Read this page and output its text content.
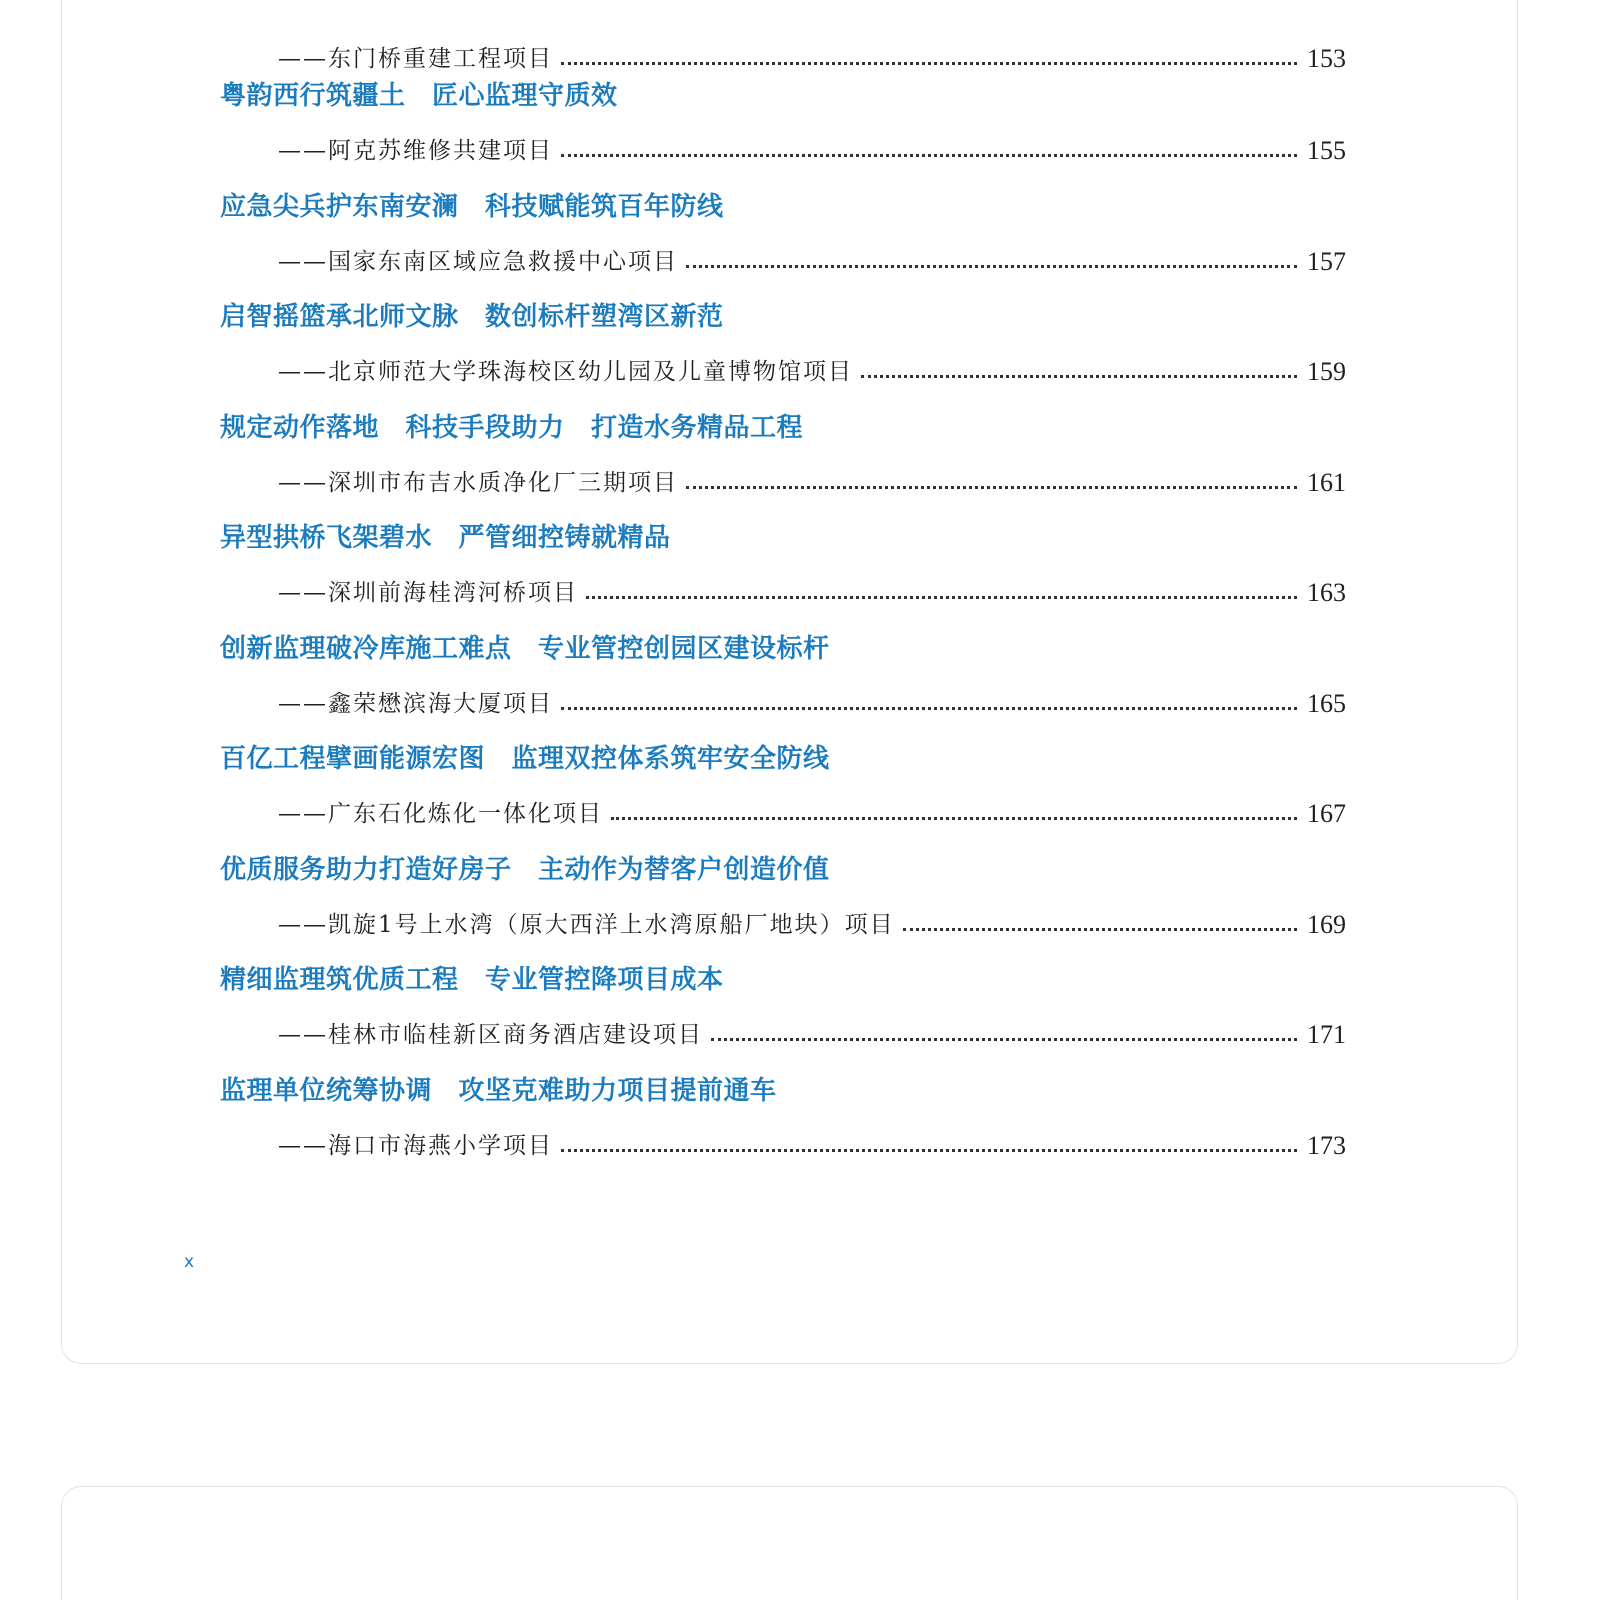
——东门桥重建工程项目	153
粤韵西行筑疆土　匠心监理守质效
——阿克苏维修共建项目	155
应急尖兵护东南安澜　科技赋能筑百年防线
——国家东南区域应急救援中心项目	157
启智摇篮承北师文脉　数创标杆塑湾区新范
——北京师范大学珠海校区幼儿园及儿童博物馆项目	159
规定动作落地　科技手段助力　打造水务精品工程
——深圳市布吉水质净化厂三期项目	161
异型拱桥飞架碧水　严管细控铸就精品
——深圳前海桂湾河桥项目	163
创新监理破冷库施工难点　专业管控创园区建设标杆
——鑫荣懋滨海大厦项目	165
百亿工程擘画能源宏图　监理双控体系筑牢安全防线
——广东石化炼化一体化项目	167
优质服务助力打造好房子　主动作为替客户创造价值
——凯旋1号上水湾（原大西洋上水湾原船厂地块）项目	169
精细监理筑优质工程　专业管控降项目成本
——桂林市临桂新区商务酒店建设项目	171
监理单位统筹协调　攻坚克难助力项目提前通车
——海口市海燕小学项目	173
x
